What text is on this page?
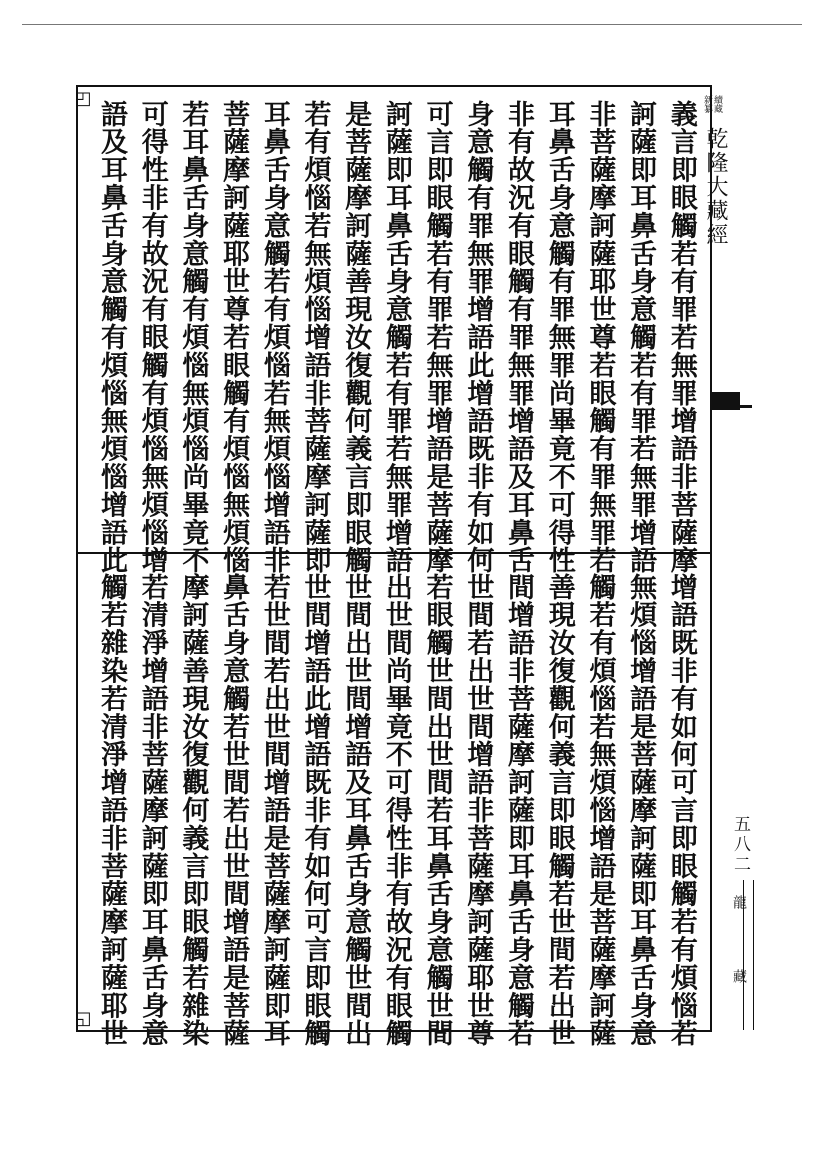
◰
◱
新纂 續藏
乾隆大藏經
義言即眼觸若有罪若無罪增語非菩薩摩
訶薩即耳鼻舌身意觸若有罪若無罪增語
非菩薩摩訶薩耶世尊若眼觸有罪無罪若
耳鼻舌身意觸有罪無罪尚畢竟不可得性
非有故況有眼觸有罪無罪增語及耳鼻舌
身意觸有罪無罪增語此增語既非有如何
可言即眼觸若有罪若無罪增語是菩薩摩
訶薩即耳鼻舌身意觸若有罪若無罪增語
是菩薩摩訶薩善現汝復觀何義言即眼觸
若有煩惱若無煩惱增語非菩薩摩訶薩即
耳鼻舌身意觸若有煩惱若無煩惱增語非
菩薩摩訶薩耶世尊若眼觸有煩惱無煩惱
若耳鼻舌身意觸有煩惱無煩惱尚畢竟不
可得性非有故況有眼觸有煩惱無煩惱增
語及耳鼻舌身意觸有煩惱無煩惱增語此
增語既非有如何可言即眼觸若有煩惱若
無煩惱增語是菩薩摩訶薩即耳鼻舌身意
觸若有煩惱若無煩惱增語是菩薩摩訶薩
善現汝復觀何義言即眼觸若世間若出世
間增語非菩薩摩訶薩即耳鼻舌身意觸若
世間若出世間增語非菩薩摩訶薩耶世尊
若眼觸世間出世間若耳鼻舌身意觸世間
出世間尚畢竟不可得性非有故況有眼觸
世間出世間增語及耳鼻舌身意觸世間出
世間增語此增語既非有如何可言即眼觸
若世間若出世間增語是菩薩摩訶薩即耳
鼻舌身意觸若世間若出世間增語是菩薩
摩訶薩善現汝復觀何義言即眼觸若雜染
若清淨增語非菩薩摩訶薩即耳鼻舌身意
觸若雜染若清淨增語非菩薩摩訶薩耶世	五八二
龍 藏
